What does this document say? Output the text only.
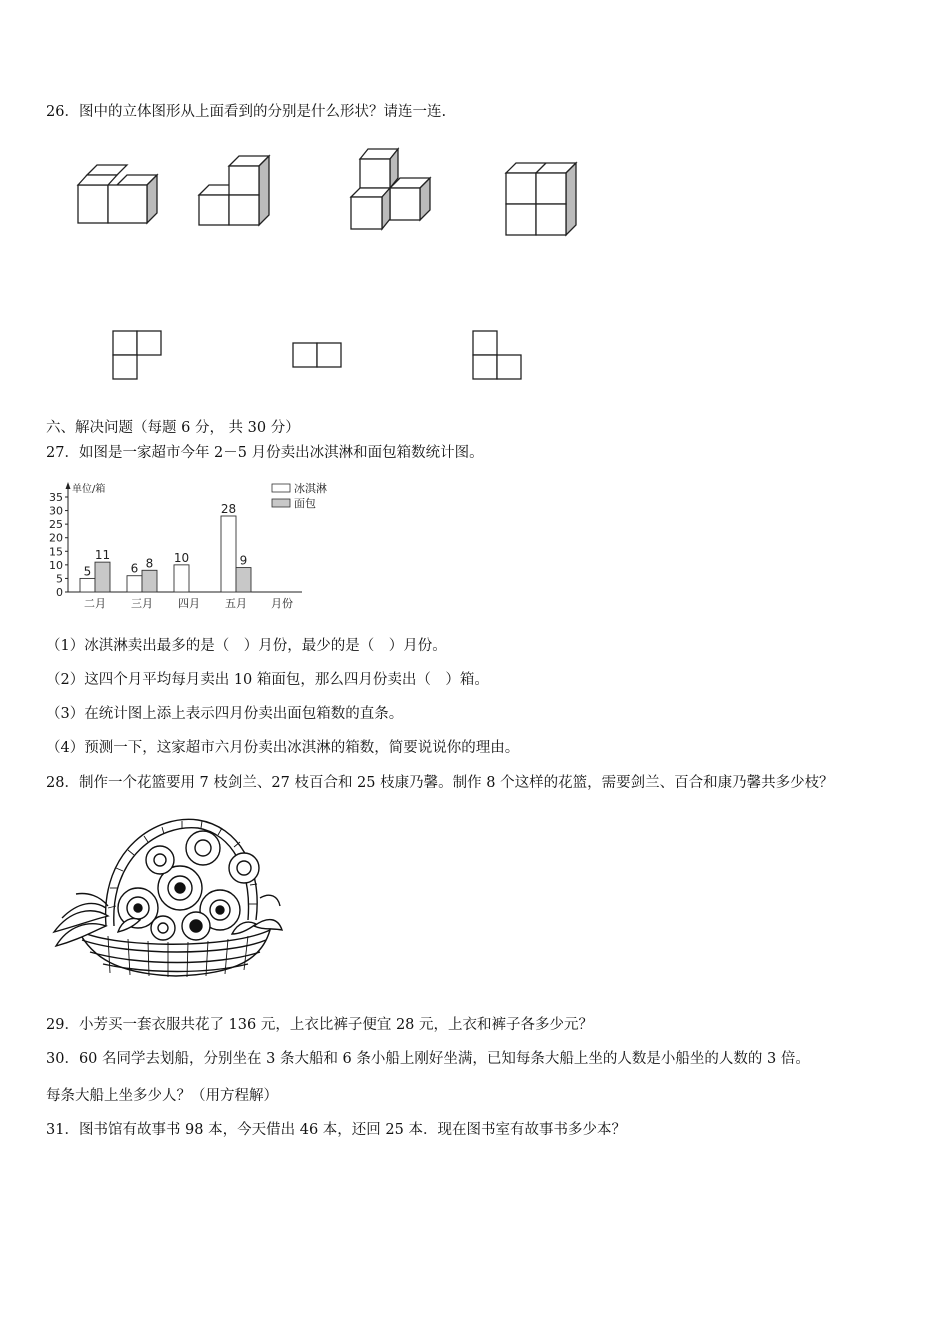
26．图中的立体图形从上面看到的分别是什么形状？请连一连.
六、解决问题（每题 6 分， 共 30 分）
27．如图是一家超市今年 2－5 月份卖出冰淇淋和面包箱数统计图。
单位/箱	冰淇淋
面包
月份
0
5
10
15
20
25
30
35
5
11
6 8 10
28
9
二月 三月 四月 五月
（1）冰淇淋卖出最多的是（　）月份，最少的是（　）月份。
（2）这四个月平均每月卖出 10 箱面包，那么四月份卖出（　）箱。
（3）在统计图上添上表示四月份卖出面包箱数的直条。
（4）预测一下，这家超市六月份卖出冰淇淋的箱数，简要说说你的理由。
28．制作一个花篮要用 7 枝剑兰、27 枝百合和 25 枝康乃馨。制作 8 个这样的花篮，需要剑兰、百合和康乃馨共多少枝？
29．小芳买一套衣服共花了 136 元，上衣比裤子便宜 28 元，上衣和裤子各多少元？
30．60 名同学去划船，分别坐在 3 条大船和 6 条小船上刚好坐满，已知每条大船上坐的人数是小船坐的人数的 3 倍。
每条大船上坐多少人？（用方程解）
31．图书馆有故事书 98 本，今天借出 46 本，还回 25 本．现在图书室有故事书多少本？
